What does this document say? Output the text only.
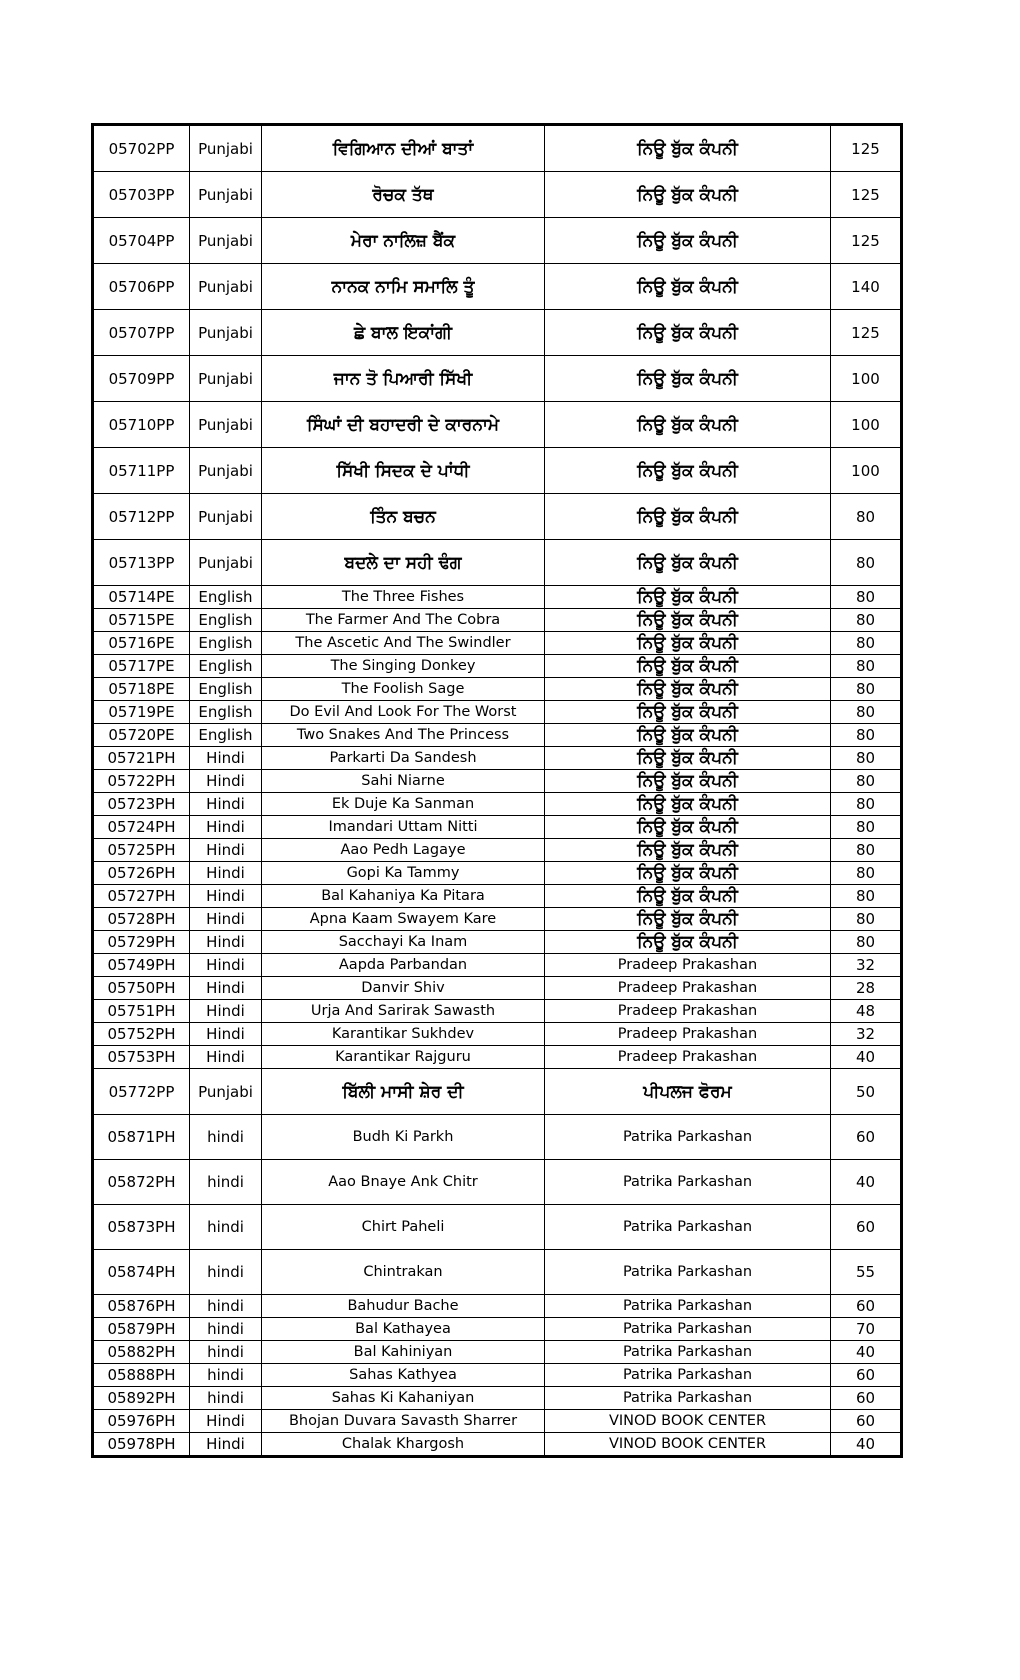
05702PP	Punjabi	ਵਿਗਿਆਨ ਦੀਆਂ ਬਾਤਾਂ	ਨਿਊ ਬੁੱਕ ਕੰਪਨੀ	125
05703PP	Punjabi	ਰੋਚਕ ਤੱਥ	ਨਿਊ ਬੁੱਕ ਕੰਪਨੀ	125
05704PP	Punjabi	ਮੇਰਾ ਨਾਲਿਜ਼ ਬੈਂਕ	ਨਿਊ ਬੁੱਕ ਕੰਪਨੀ	125
05706PP	Punjabi	ਨਾਨਕ ਨਾਮਿ ਸਮਾਲਿ ਤੂੰ	ਨਿਊ ਬੁੱਕ ਕੰਪਨੀ	140
05707PP	Punjabi	ਛੇ ਬਾਲ ਇਕਾਂਗੀ	ਨਿਊ ਬੁੱਕ ਕੰਪਨੀ	125
05709PP	Punjabi	ਜਾਨ ਤੋ ਪਿਆਰੀ ਸਿੱਖੀ	ਨਿਊ ਬੁੱਕ ਕੰਪਨੀ	100
05710PP	Punjabi	ਸਿੰਘਾਂ ਦੀ ਬਹਾਦਰੀ ਦੇ ਕਾਰਨਾਮੇ	ਨਿਊ ਬੁੱਕ ਕੰਪਨੀ	100
05711PP	Punjabi	ਸਿੱਖੀ ਸਿਦਕ ਦੇ ਪਾਂਧੀ	ਨਿਊ ਬੁੱਕ ਕੰਪਨੀ	100
05712PP	Punjabi	ਤਿੰਨ ਬਚਨ	ਨਿਊ ਬੁੱਕ ਕੰਪਨੀ	80
05713PP	Punjabi	ਬਦਲੇ ਦਾ ਸਹੀ ਢੰਗ	ਨਿਊ ਬੁੱਕ ਕੰਪਨੀ	80
05714PE	English	The Three Fishes	ਨਿਊ ਬੁੱਕ ਕੰਪਨੀ	80
05715PE	English	The Farmer And The Cobra	ਨਿਊ ਬੁੱਕ ਕੰਪਨੀ	80
05716PE	English	The Ascetic And The Swindler	ਨਿਊ ਬੁੱਕ ਕੰਪਨੀ	80
05717PE	English	The Singing Donkey	ਨਿਊ ਬੁੱਕ ਕੰਪਨੀ	80
05718PE	English	The Foolish Sage	ਨਿਊ ਬੁੱਕ ਕੰਪਨੀ	80
05719PE	English	Do Evil And Look For The Worst	ਨਿਊ ਬੁੱਕ ਕੰਪਨੀ	80
05720PE	English	Two Snakes And The Princess	ਨਿਊ ਬੁੱਕ ਕੰਪਨੀ	80
05721PH	Hindi	Parkarti Da Sandesh	ਨਿਊ ਬੁੱਕ ਕੰਪਨੀ	80
05722PH	Hindi	Sahi Niarne	ਨਿਊ ਬੁੱਕ ਕੰਪਨੀ	80
05723PH	Hindi	Ek Duje Ka Sanman	ਨਿਊ ਬੁੱਕ ਕੰਪਨੀ	80
05724PH	Hindi	Imandari Uttam Nitti	ਨਿਊ ਬੁੱਕ ਕੰਪਨੀ	80
05725PH	Hindi	Aao Pedh Lagaye	ਨਿਊ ਬੁੱਕ ਕੰਪਨੀ	80
05726PH	Hindi	Gopi Ka Tammy	ਨਿਊ ਬੁੱਕ ਕੰਪਨੀ	80
05727PH	Hindi	Bal Kahaniya Ka Pitara	ਨਿਊ ਬੁੱਕ ਕੰਪਨੀ	80
05728PH	Hindi	Apna Kaam Swayem Kare	ਨਿਊ ਬੁੱਕ ਕੰਪਨੀ	80
05729PH	Hindi	Sacchayi Ka Inam	ਨਿਊ ਬੁੱਕ ਕੰਪਨੀ	80
05749PH	Hindi	Aapda Parbandan	Pradeep Prakashan	32
05750PH	Hindi	Danvir Shiv	Pradeep Prakashan	28
05751PH	Hindi	Urja And Sarirak Sawasth	Pradeep Prakashan	48
05752PH	Hindi	Karantikar Sukhdev	Pradeep Prakashan	32
05753PH	Hindi	Karantikar Rajguru	Pradeep Prakashan	40
05772PP	Punjabi	ਬਿੱਲੀ ਮਾਸੀ ਸ਼ੇਰ ਦੀ	ਪੀਪਲਜ ਫੋਰਮ	50
05871PH	hindi	Budh Ki Parkh	Patrika Parkashan	60
05872PH	hindi	Aao Bnaye Ank Chitr	Patrika Parkashan	40
05873PH	hindi	Chirt Paheli	Patrika Parkashan	60
05874PH	hindi	Chintrakan	Patrika Parkashan	55
05876PH	hindi	Bahudur Bache	Patrika Parkashan	60
05879PH	hindi	Bal Kathayea	Patrika Parkashan	70
05882PH	hindi	Bal Kahiniyan	Patrika Parkashan	40
05888PH	hindi	Sahas Kathyea	Patrika Parkashan	60
05892PH	hindi	Sahas Ki Kahaniyan	Patrika Parkashan	60
05976PH	Hindi	Bhojan Duvara Savasth Sharrer	VINOD BOOK CENTER	60
05978PH	Hindi	Chalak Khargosh	VINOD BOOK CENTER	40
